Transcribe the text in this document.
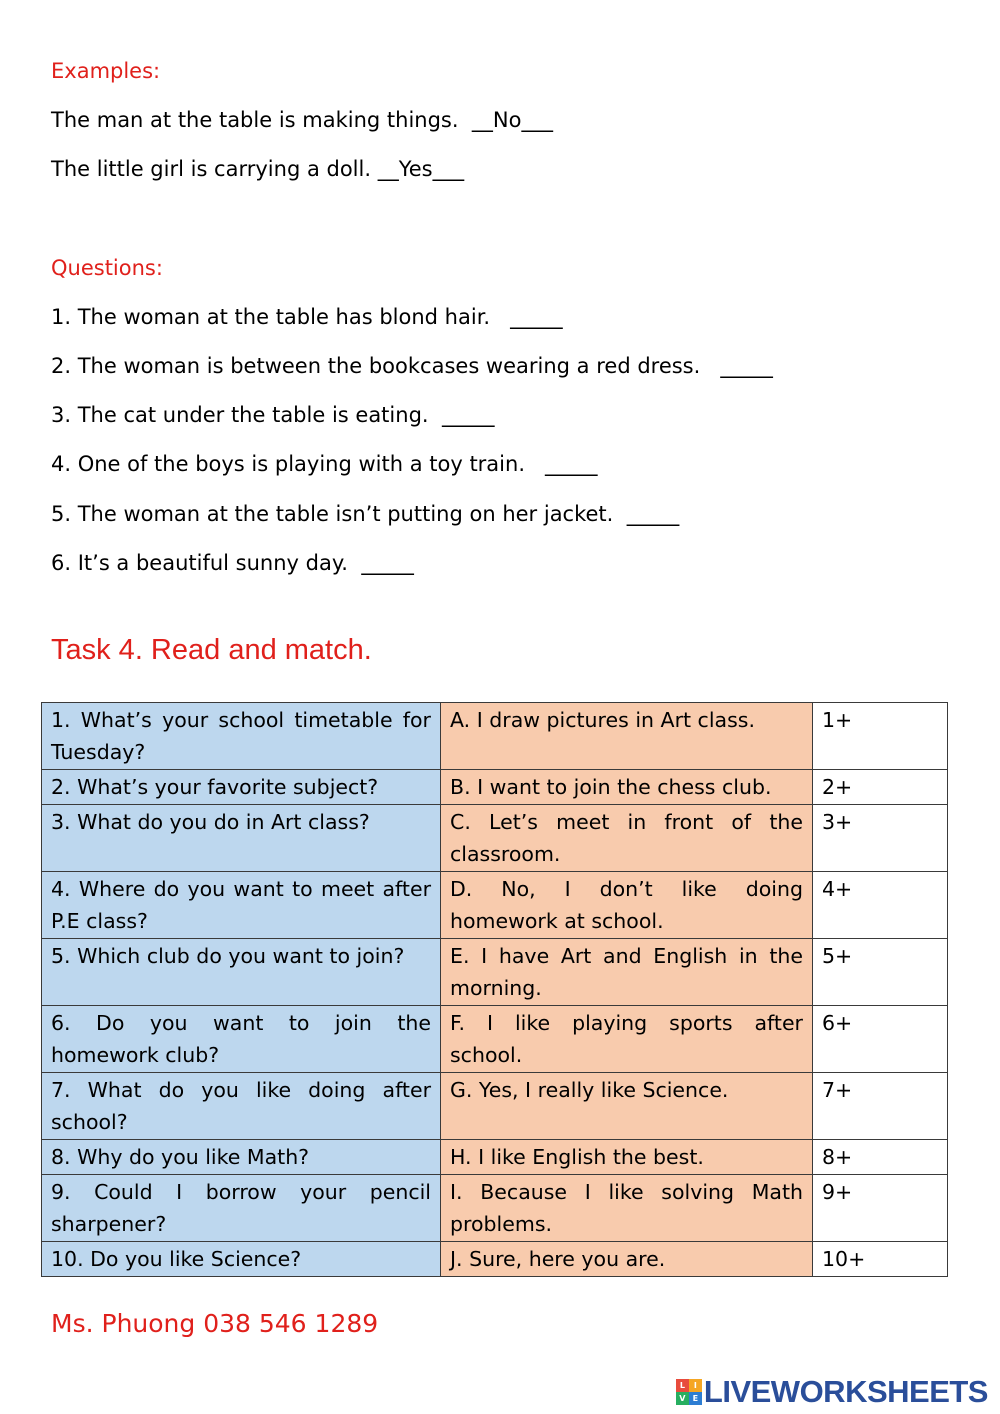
Examples:
The man at the table is making things. __No___
The little girl is carrying a doll. __Yes___
Questions:
1. The woman at the table has blond hair. _____
2. The woman is between the bookcases wearing a red dress. _____
3. The cat under the table is eating. _____
4. One of the boys is playing with a toy train. _____
5. The woman at the table isn’t putting on her jacket. _____
6. It’s a beautiful sunny day. _____
Task 4. Read and match.
1. What’s your school timetable for Tuesday?	A. I draw pictures in Art class.	1+
2. What’s your favorite subject?	B. I want to join the chess club.	2+
3. What do you do in Art class?	C. Let’s meet in front of the classroom.	3+
4. Where do you want to meet after P.E class?	D. No, I don’t like doing homework at school.	4+
5. Which club do you want to join?	E. I have Art and English in the morning.	5+
6. Do you want to join the homework club?	F. I like playing sports after school.	6+
7. What do you like doing after school?	G. Yes, I really like Science.	7+
8. Why do you like Math?	H. I like English the best.	8+
9. Could I borrow your pencil sharpener?	I. Because I like solving Math problems.	9+
10. Do you like Science?	J. Sure, here you are.	10+
Ms. Phuong 038 546 1289
L	I
V E LIVEWORKSHEETS
